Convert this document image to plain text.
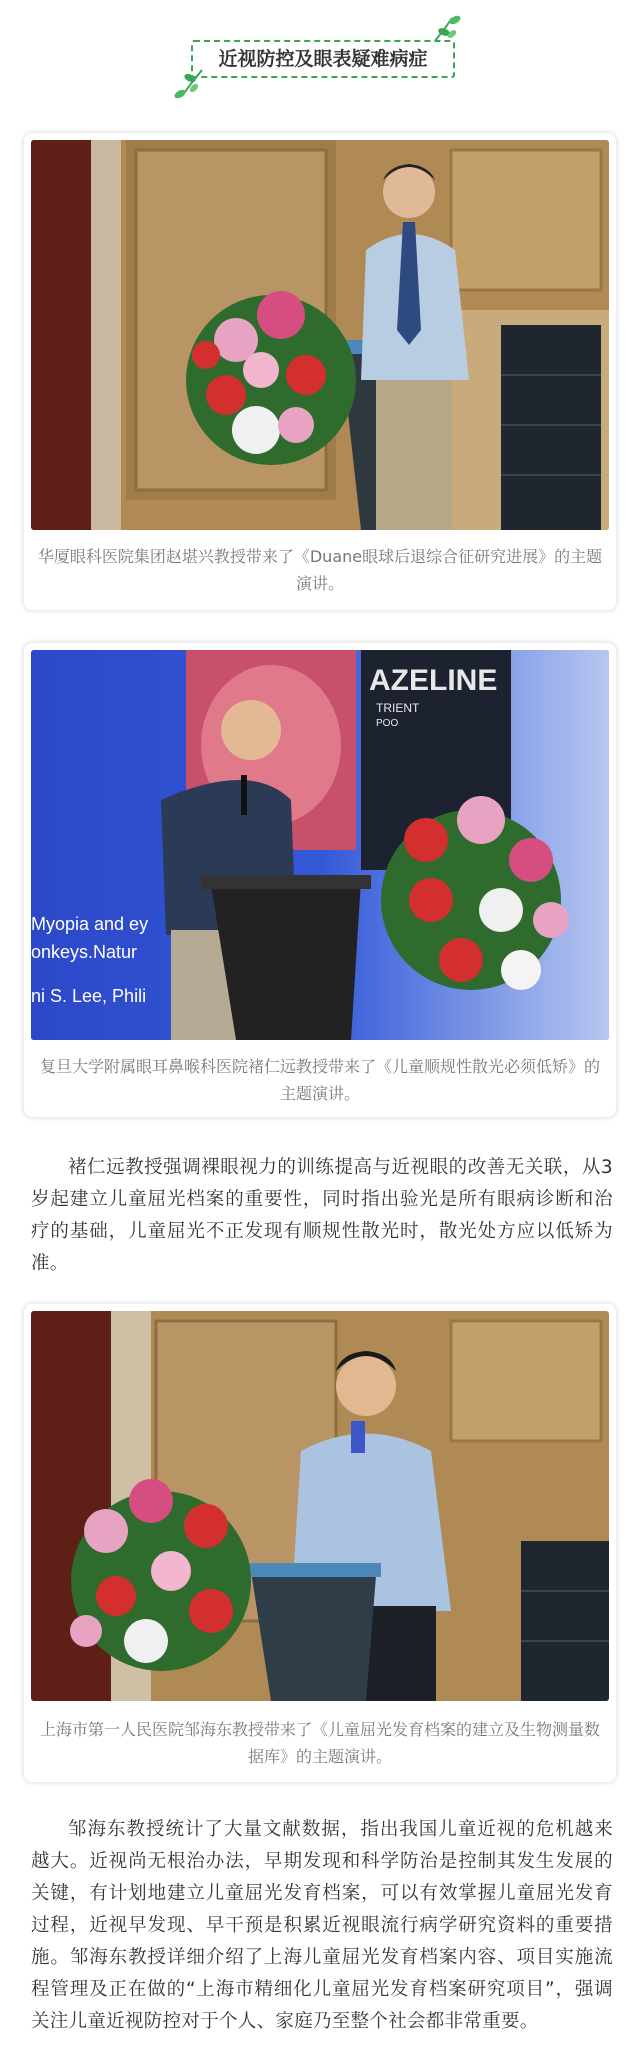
近视防控及眼表疑难病症
华厦眼科医院集团赵堪兴教授带来了《Duane眼球后退综合征研究进展》的主题演讲。
AZELINE
TRIENT
POO
Myopia and ey
onkeys.Natur
ni S. Lee, Phili
复旦大学附属眼耳鼻喉科医院褚仁远教授带来了《儿童顺规性散光必须低矫》的主题演讲。
褚仁远教授强调裸眼视力的训练提高与近视眼的改善无关联，从3岁起建立儿童屈光档案的重要性，同时指出验光是所有眼病诊断和治疗的基础，儿童屈光不正发现有顺规性散光时，散光处方应以低矫为准。
上海市第一人民医院邹海东教授带来了《儿童屈光发育档案的建立及生物测量数据库》的主题演讲。
邹海东教授统计了大量文献数据，指出我国儿童近视的危机越来越大。近视尚无根治办法，早期发现和科学防治是控制其发生发展的关键，有计划地建立儿童屈光发育档案，可以有效掌握儿童屈光发育过程，近视早发现、早干预是积累近视眼流行病学研究资料的重要措施。邹海东教授详细介绍了上海儿童屈光发育档案内容、项目实施流程管理及正在做的“上海市精细化儿童屈光发育档案研究项目”，强调关注儿童近视防控对于个人、家庭乃至整个社会都非常重要。
